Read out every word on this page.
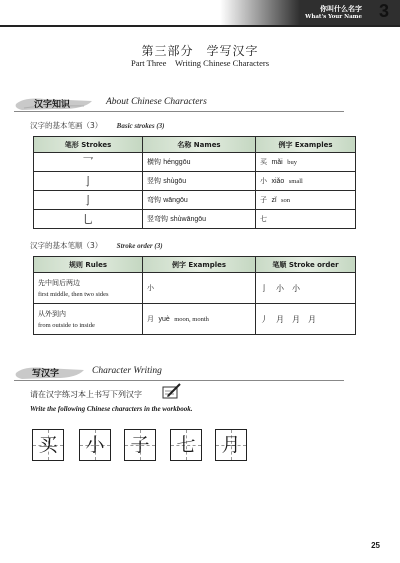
你叫什么名字
What's Your Name 3
第三部分　学写汉字
Part Three　Writing Chinese Characters
汉字知识	About Chinese Characters
汉字的基本笔画（3） Basic strokes (3)
笔形 Strokes	名称 Names	例字 Examples
乛	横钩 hénggōu	买 mǎi buy
亅	竖钩 shùgōu	小 xiǎo small
亅	弯钩 wāngōu	子 zǐ son
乚	竖弯钩 shùwāngōu	七
汉字的基本笔顺（3） Stroke order (3)
规则 Rules	例字 Examples	笔顺 Stroke order

先中间后两边
first middle, then two sides	小	亅　小　小

从外到内
from outside to inside	月 yuè moon, month	丿　月　月　月
写汉字	Character Writing
请在汉字练习本上书写下列汉字
Write the following Chinese characters in the workbook.
买 小 子 七 月
25
